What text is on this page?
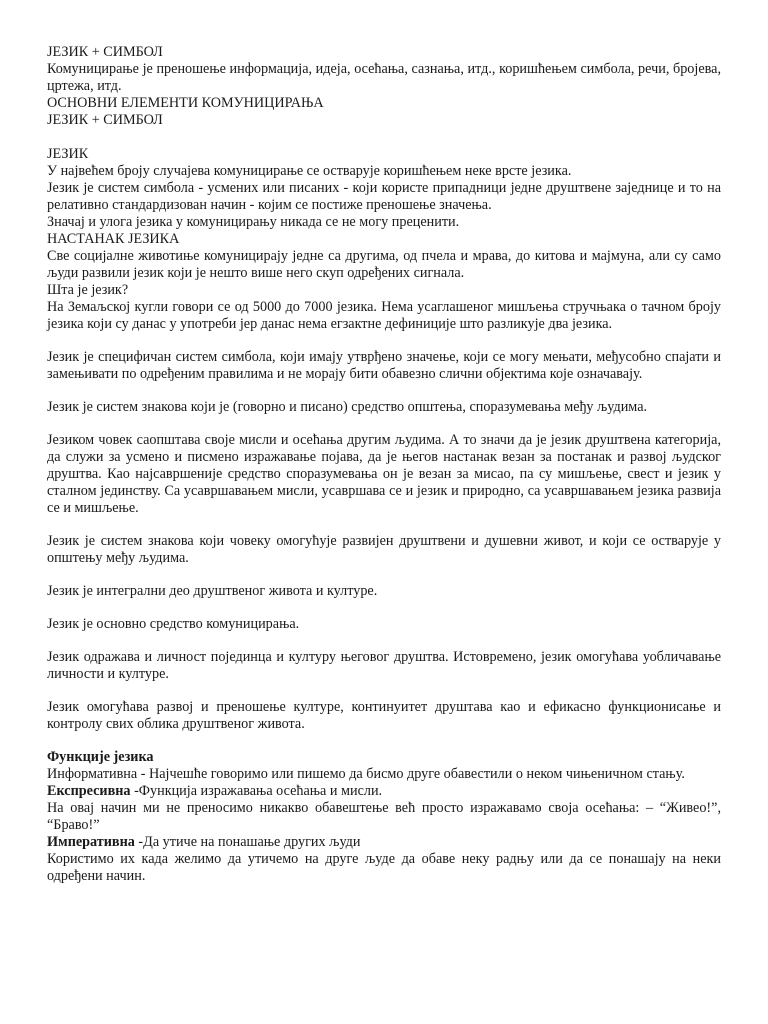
ЈЕЗИК + СИМБОЛ

Комуницирање је преношење информација, идеја, осећања, сазнања, итд., коришћењем симбола, речи, бројева, цртежа, итд.

ОСНОВНИ ЕЛЕМЕНТИ КОМУНИЦИРАЊА

ЈЕЗИК + СИМБОЛ

ЈЕЗИК

У највећем броју случајева комуницирање се остварује коришћењем неке врсте језика.

Језик је систем симбола - усмених или писаних - који користе припадници једне друштвене заједнице и то на релативно стандардизован начин - којим се постиже преношење значења.

Значај и улога језика у комуницирању никада се не могу преценити.

НАСТАНАК ЈЕЗИКА

Све социјалне животиње комуницирају једне са другима, од пчела и мрава, до китова и мајмуна, али су само људи развили језик који је нешто више него скуп одређених сигнала.

Шта је језик?

На Земаљској кугли говори се од 5000 до 7000 језика. Нема усаглашеног мишљења стручњака о тачном броју језика који су данас у употреби јер данас нема егзактне дефиниције што разликује два језика.

Језик је специфичан систем симбола, који имају утврђено значење, који се могу мењати, међусобно спајати и замењивати по одређеним правилима и не морају бити обавезно слични објектима које означавају.

Језик је систем знакова који је (говорно и писано) средство општења, споразумевања међу људима.

Језиком човек саопштава своје мисли и осећања другим људима. А то значи да је језик друштвена категорија, да служи за усмено и писмено изражавање појава, да је његов настанак везан за постанак и развој људског друштва. Као најсавршеније средство споразумевања он је везан за мисао, па су мишљење, свест и језик у сталном јединству. Са усавршавањем мисли, усавршава се и језик и природно, са усавршавањем језика развија се и мишљење.

Језик је систем знакова који човеку омогућује развијен друштвени и душевни живот, и који се остварује у општењу међу људима.

Језик је интегрални део друштвеног живота и културе.

Језик је основно средство комуницирања.

Језик одражава и личност појединца и културу његовог друштва. Истовремено, језик омогућава уобличавање личности и културе.

Језик омогућава развој и преношење културе, континуитет друштава као и ефикасно функционисање и контролу свих облика друштвеног живота.

Функције језика

Информативна - Најчешће говоримо или пишемо да бисмо друге обавестили о неком чињеничном стању.

Експресивна -Функција изражавања осећања и мисли.

На овај начин ми не преносимо никакво обавештење већ просто изражавамо своја осећања: – “Живео!”, “Браво!”

Императивна -Да утиче на понашање других људи

Користимо их када желимо да утичемо на друге људе да обаве неку радњу или да се понашају на неки одређени начин.
